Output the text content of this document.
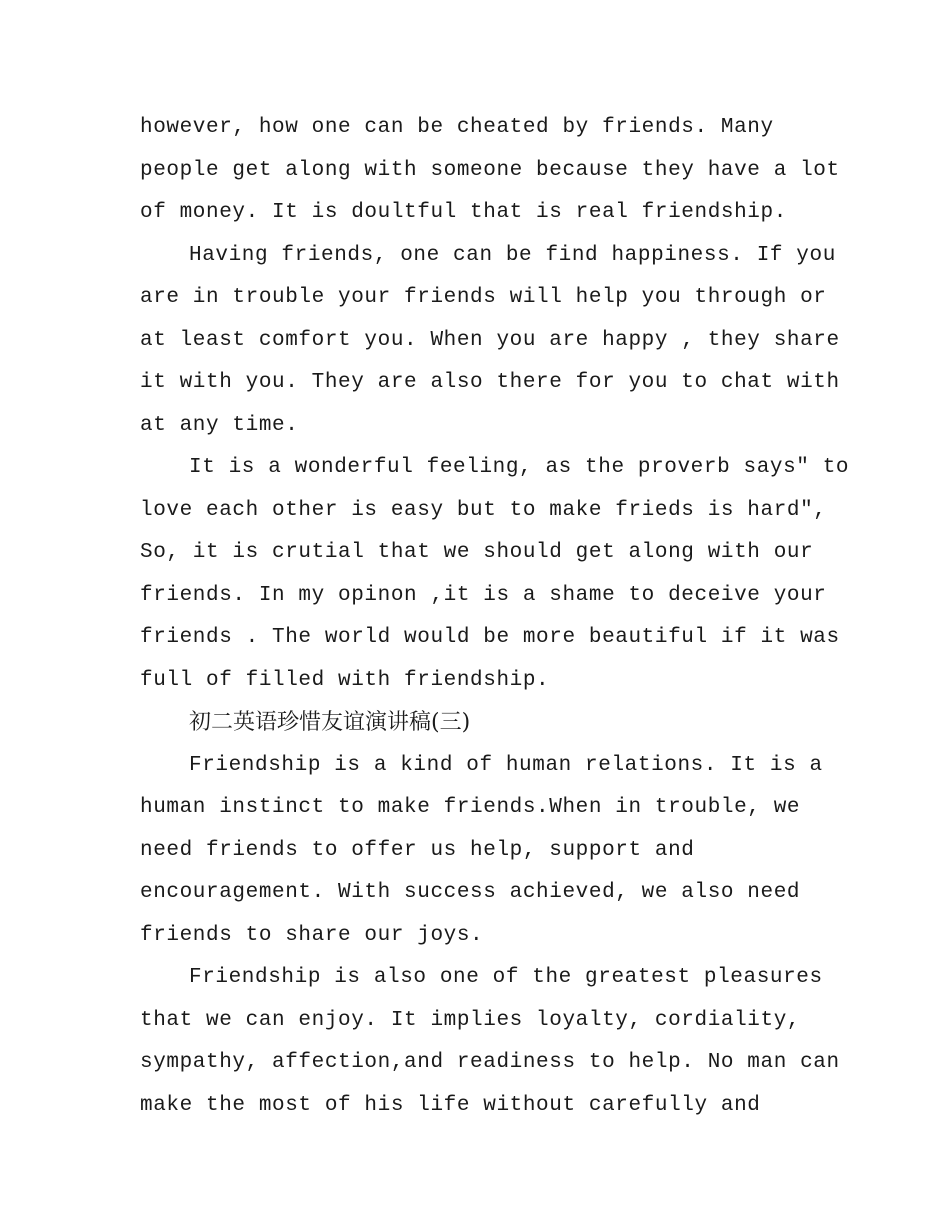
however, how one can be cheated by friends. Many
people get along with someone because they have a lot
of money. It is doultful that is real friendship.
Having friends, one can be find happiness. If you
are in trouble your friends will help you through or
at least comfort you. When you are happy , they share
it with you. They are also there for you to chat with
at any time.
It is a wonderful feeling, as the proverb says″ to
love each other is easy but to make frieds is hard″,
So, it is crutial that we should get along with our
friends. In my opinon ,it is a shame to deceive your
friends . The world would be more beautiful if it was
full of filled with friendship.
初二英语珍惜友谊演讲稿(三)
Friendship is a kind of human relations. It is a
human instinct to make friends.When in trouble, we
need friends to offer us help, support and
encouragement. With success achieved, we also need
friends to share our joys.
Friendship is also one of the greatest pleasures
that we can enjoy. It implies loyalty, cordiality,
sympathy, affection,and readiness to help. No man can
make the most of his life without carefully and
